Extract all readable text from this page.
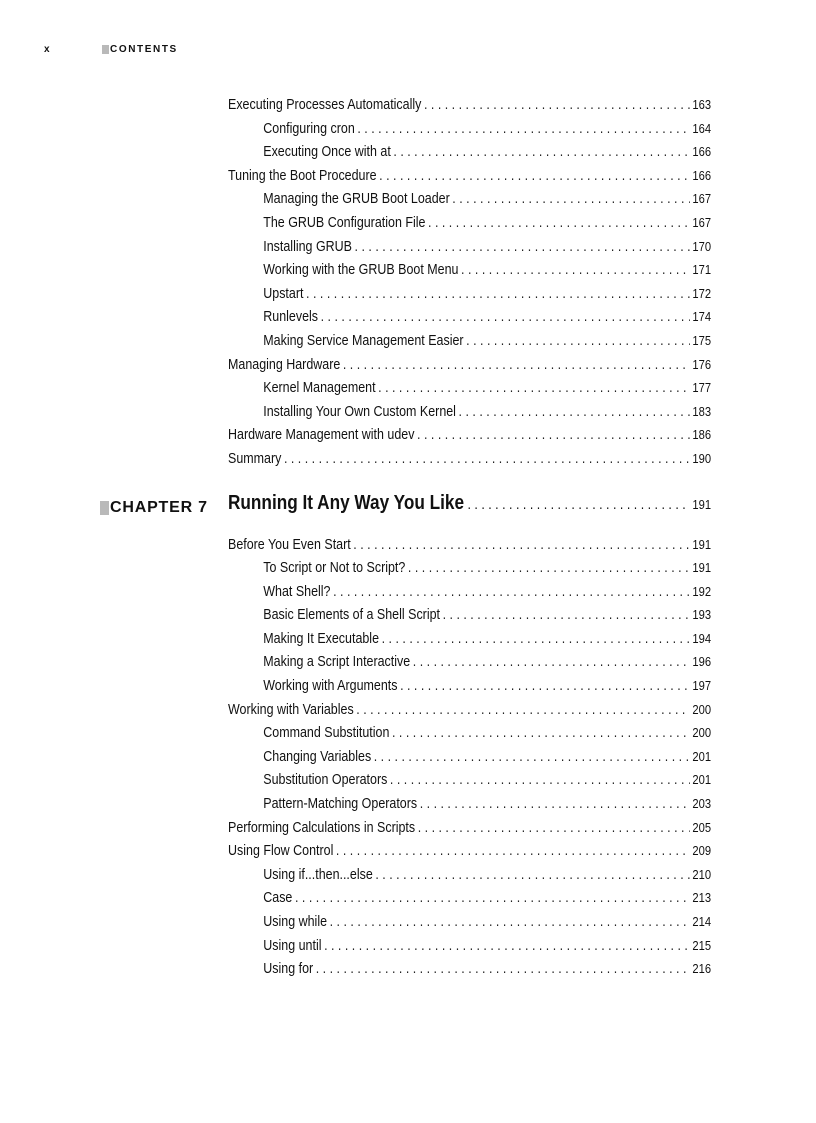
x	CONTENTS
Executing Processes Automatically . . .	163
Configuring cron . . .	164
Executing Once with at . . .	166
Tuning the Boot Procedure . . .	166
Managing the GRUB Boot Loader . . .	167
The GRUB Configuration File . . .	167
Installing GRUB . . .	170
Working with the GRUB Boot Menu . . .	171
Upstart . . .	172
Runlevels . . .	174
Making Service Management Easier . . .	175
Managing Hardware . . .	176
Kernel Management . . .	177
Installing Your Own Custom Kernel . . .	183
Hardware Management with udev . . .	186
Summary . . .	190
CHAPTER 7 Running It Any Way You Like . . .	191
Before You Even Start . . .	191
To Script or Not to Script? . . .	191
What Shell? . . .	192
Basic Elements of a Shell Script . . .	193
Making It Executable . . .	194
Making a Script Interactive . . .	196
Working with Arguments . . .	197
Working with Variables . . .	200
Command Substitution . . .	200
Changing Variables . . .	201
Substitution Operators . . .	201
Pattern-Matching Operators . . .	203
Performing Calculations in Scripts . . .	205
Using Flow Control . . .	209
Using if...then...else . . .	210
Case . . .	213
Using while . . .	214
Using until . . .	215
Using for . . .	216
